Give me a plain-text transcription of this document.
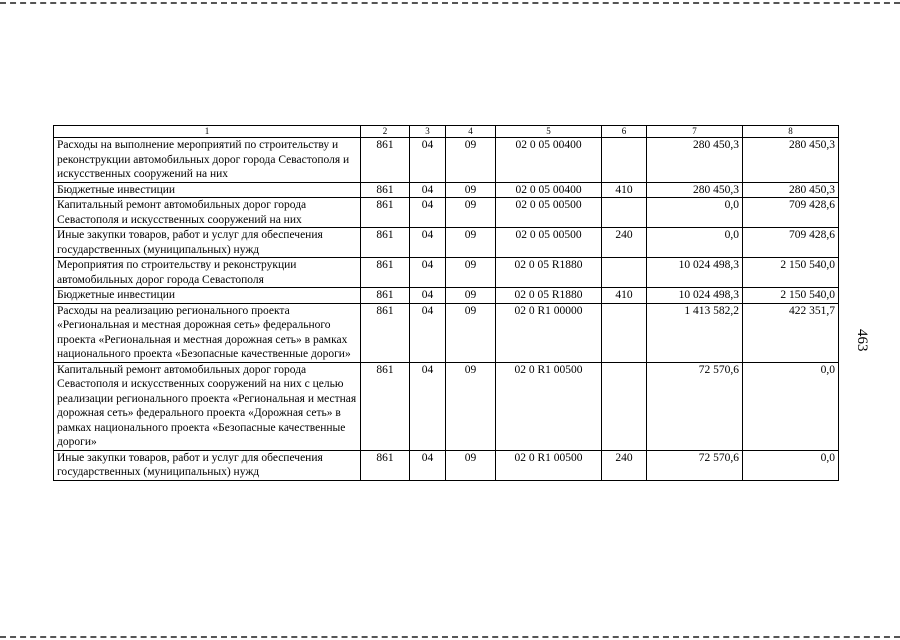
1	2	3	4	5	6	7	8
Расходы на выполнение мероприятий по строительству и реконструкции автомобильных дорог города Севастополя и искусственных сооружений на них	861	04	09	02 0 05 00400		280 450,3	280 450,3
Бюджетные инвестиции	861	04	09	02 0 05 00400	410	280 450,3	280 450,3
Капитальный ремонт автомобильных дорог города Севастополя и искусственных сооружений на них	861	04	09	02 0 05 00500		0,0	709 428,6
Иные закупки товаров, работ и услуг для обеспечения государственных (муниципальных) нужд	861	04	09	02 0 05 00500	240	0,0	709 428,6
Мероприятия по строительству и реконструкции автомобильных дорог города Севастополя	861	04	09	02 0 05 R1880		10 024 498,3	2 150 540,0
Бюджетные инвестиции	861	04	09	02 0 05 R1880	410	10 024 498,3	2 150 540,0
Расходы на реализацию регионального проекта «Региональная и местная дорожная сеть» федерального проекта «Региональная и местная дорожная сеть» в рамках национального проекта «Безопасные качественные дороги»	861	04	09	02 0 R1 00000		1 413 582,2	422 351,7
Капитальный ремонт автомобильных дорог города Севастополя и искусственных сооружений на них с целью реализации регионального проекта «Региональная и местная дорожная сеть» федерального проекта «Дорожная сеть» в рамках национального проекта «Безопасные качественные дороги»	861	04	09	02 0 R1 00500		72 570,6	0,0
Иные закупки товаров, работ и услуг для обеспечения государственных (муниципальных) нужд	861	04	09	02 0 R1 00500	240	72 570,6	0,0
463
